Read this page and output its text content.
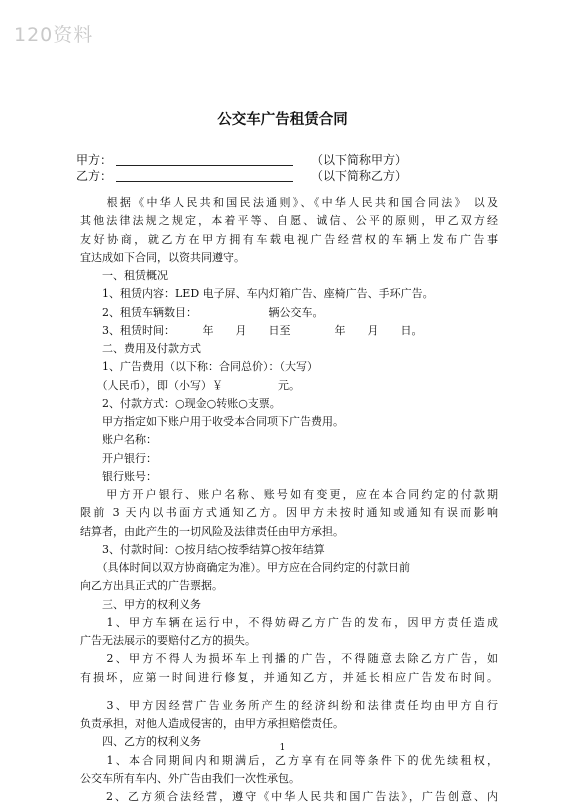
120资料
公交车广告租赁合同
甲方：	（以下简称甲方）
乙方：	（以下简称乙方）

　　根据《中华人民共和国民法通则》、《中华人民共和国合同法》 以及

其他法律法规之规定，本着平等、自愿、诚信、公平的原则，甲乙双方经

友好协商，就乙方在甲方拥有车载电视广告经营权的车辆上发布广告事

宜达成如下合同，以资共同遵守。

　　一、租赁概况

　　1、租赁内容：LED 电子屏、车内灯箱广告、座椅广告、手环广告。

　　2、租赁车辆数目：　　　　　　　辆公交车。

　　3、租赁时间：　　　年　　月　　日至　　　　年　　月　　日。

　　二、费用及付款方式

　　1、广告费用（以下称：合同总价）：（大写）

　　（人民币），即（小写）￥　　　　　元。

　　2、付款方式：○现金○转账○支票。

　　甲方指定如下账户用于收受本合同项下广告费用。

　　账户名称：

　　开户银行：

　　银行账号：

　　甲方开户银行、账户名称、账号如有变更，应在本合同约定的付款期

限前 3 天内以书面方式通知乙方。因甲方未按时通知或通知有误而影响

结算者，由此产生的一切风险及法律责任由甲方承担。

　　3、付款时间：○按月结○按季结算○按年结算

　　（具体时间以双方协商确定为准）。甲方应在合同约定的付款日前

向乙方出具正式的广告票据。

　　三、甲方的权利义务

　　1、甲方车辆在运行中，不得妨碍乙方广告的发布，因甲方责任造成

广告无法展示的要赔付乙方的损失。

　　2、甲方不得人为损坏车上刊播的广告，不得随意去除乙方广告，如

有损坏，应第一时间进行修复，并通知乙方，并延长相应广告发布时间。

　　3、甲方因经营广告业务所产生的经济纠纷和法律责任均由甲方自行

负责承担，对他人造成侵害的，由甲方承担赔偿责任。

　　四、乙方的权利义务

　　1、本合同期间内和期满后，乙方享有在同等条件下的优先续租权，

公交车所有车内、外广告由我们一次性承包。

　　2、乙方须合法经营，遵守《中华人民共和国广告法》，广告创意、内

1
